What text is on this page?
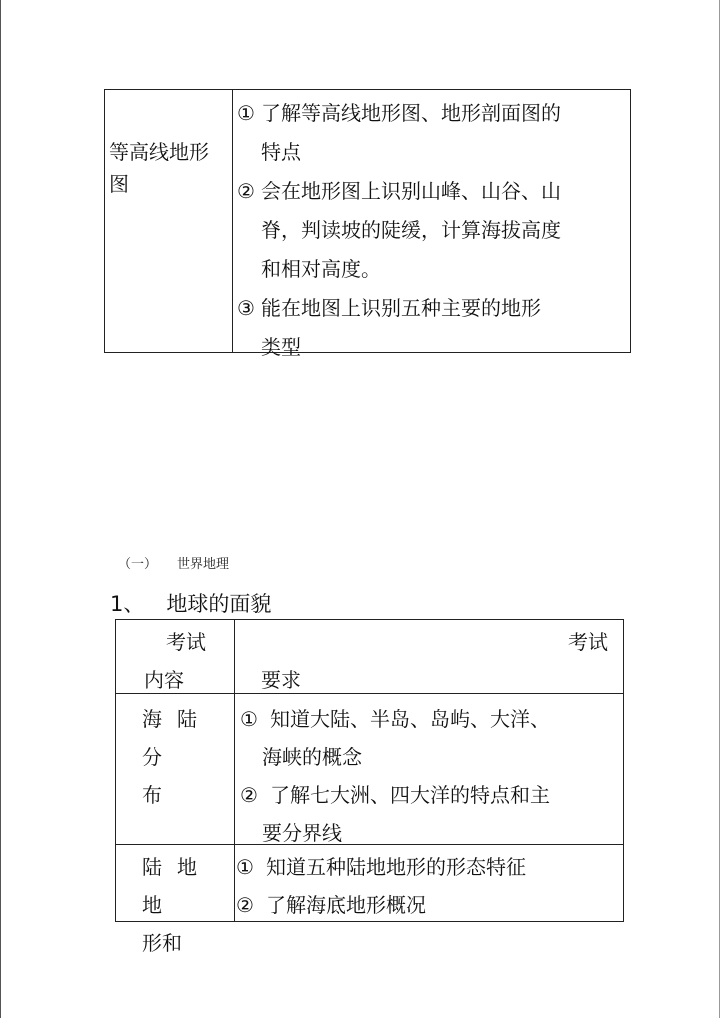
等高线地形
图
① 了解等高线地形图、地形剖面图的
特点
② 会在地形图上识别山峰、山谷、山
脊，判读坡的陡缓，计算海拔高度
和相对高度。
③ 能在地图上识别五种主要的地形
类型
（一） 世界地理
1、 地球的面貌
考试
内容
考试
要求
海陆分
布
① 知道大陆、半岛、岛屿、大洋、
海峡的概念
② 了解七大洲、四大洋的特点和主
要分界线
陆地地
形和
① 知道五种陆地地形的形态特征
② 了解海底地形概况
